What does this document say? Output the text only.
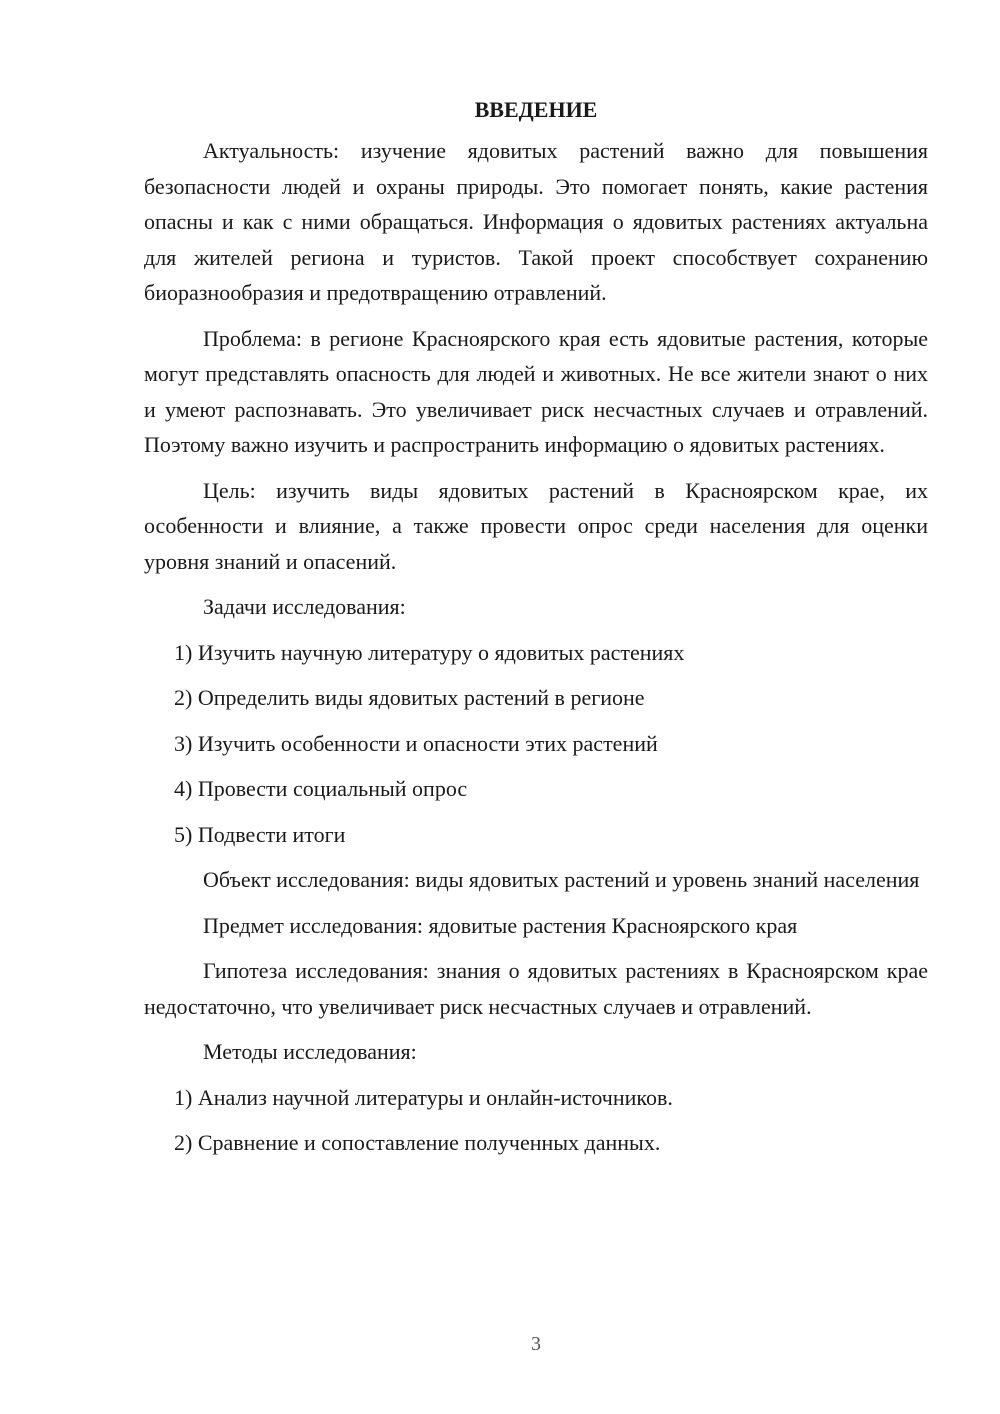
ВВЕДЕНИЕ

Актуальность: изучение ядовитых растений важно для повышения безопасности людей и охраны природы. Это помогает понять, какие растения опасны и как с ними обращаться. Информация о ядовитых растениях актуальна для жителей региона и туристов. Такой проект способствует сохранению биоразнообразия и предотвращению отравлений.

Проблема: в регионе Красноярского края есть ядовитые растения, которые могут представлять опасность для людей и животных. Не все жители знают о них и умеют распознавать. Это увеличивает риск несчастных случаев и отравлений. Поэтому важно изучить и распространить информацию о ядовитых растениях.

Цель: изучить виды ядовитых растений в Красноярском крае, их особенности и влияние, а также провести опрос среди населения для оценки уровня знаний и опасений.

Задачи исследования:

1) Изучить научную литературу о ядовитых растениях
2) Определить виды ядовитых растений в регионе
3) Изучить особенности и опасности этих растений
4) Провести социальный опрос
5) Подвести итоги

Объект исследования: виды ядовитых растений и уровень знаний населения

Предмет исследования: ядовитые растения Красноярского края

Гипотеза исследования: знания о ядовитых растениях в Красноярском крае недостаточно, что увеличивает риск несчастных случаев и отравлений.

Методы исследования:

1) Анализ научной литературы и онлайн-источников.
2) Сравнение и сопоставление полученных данных.
3
